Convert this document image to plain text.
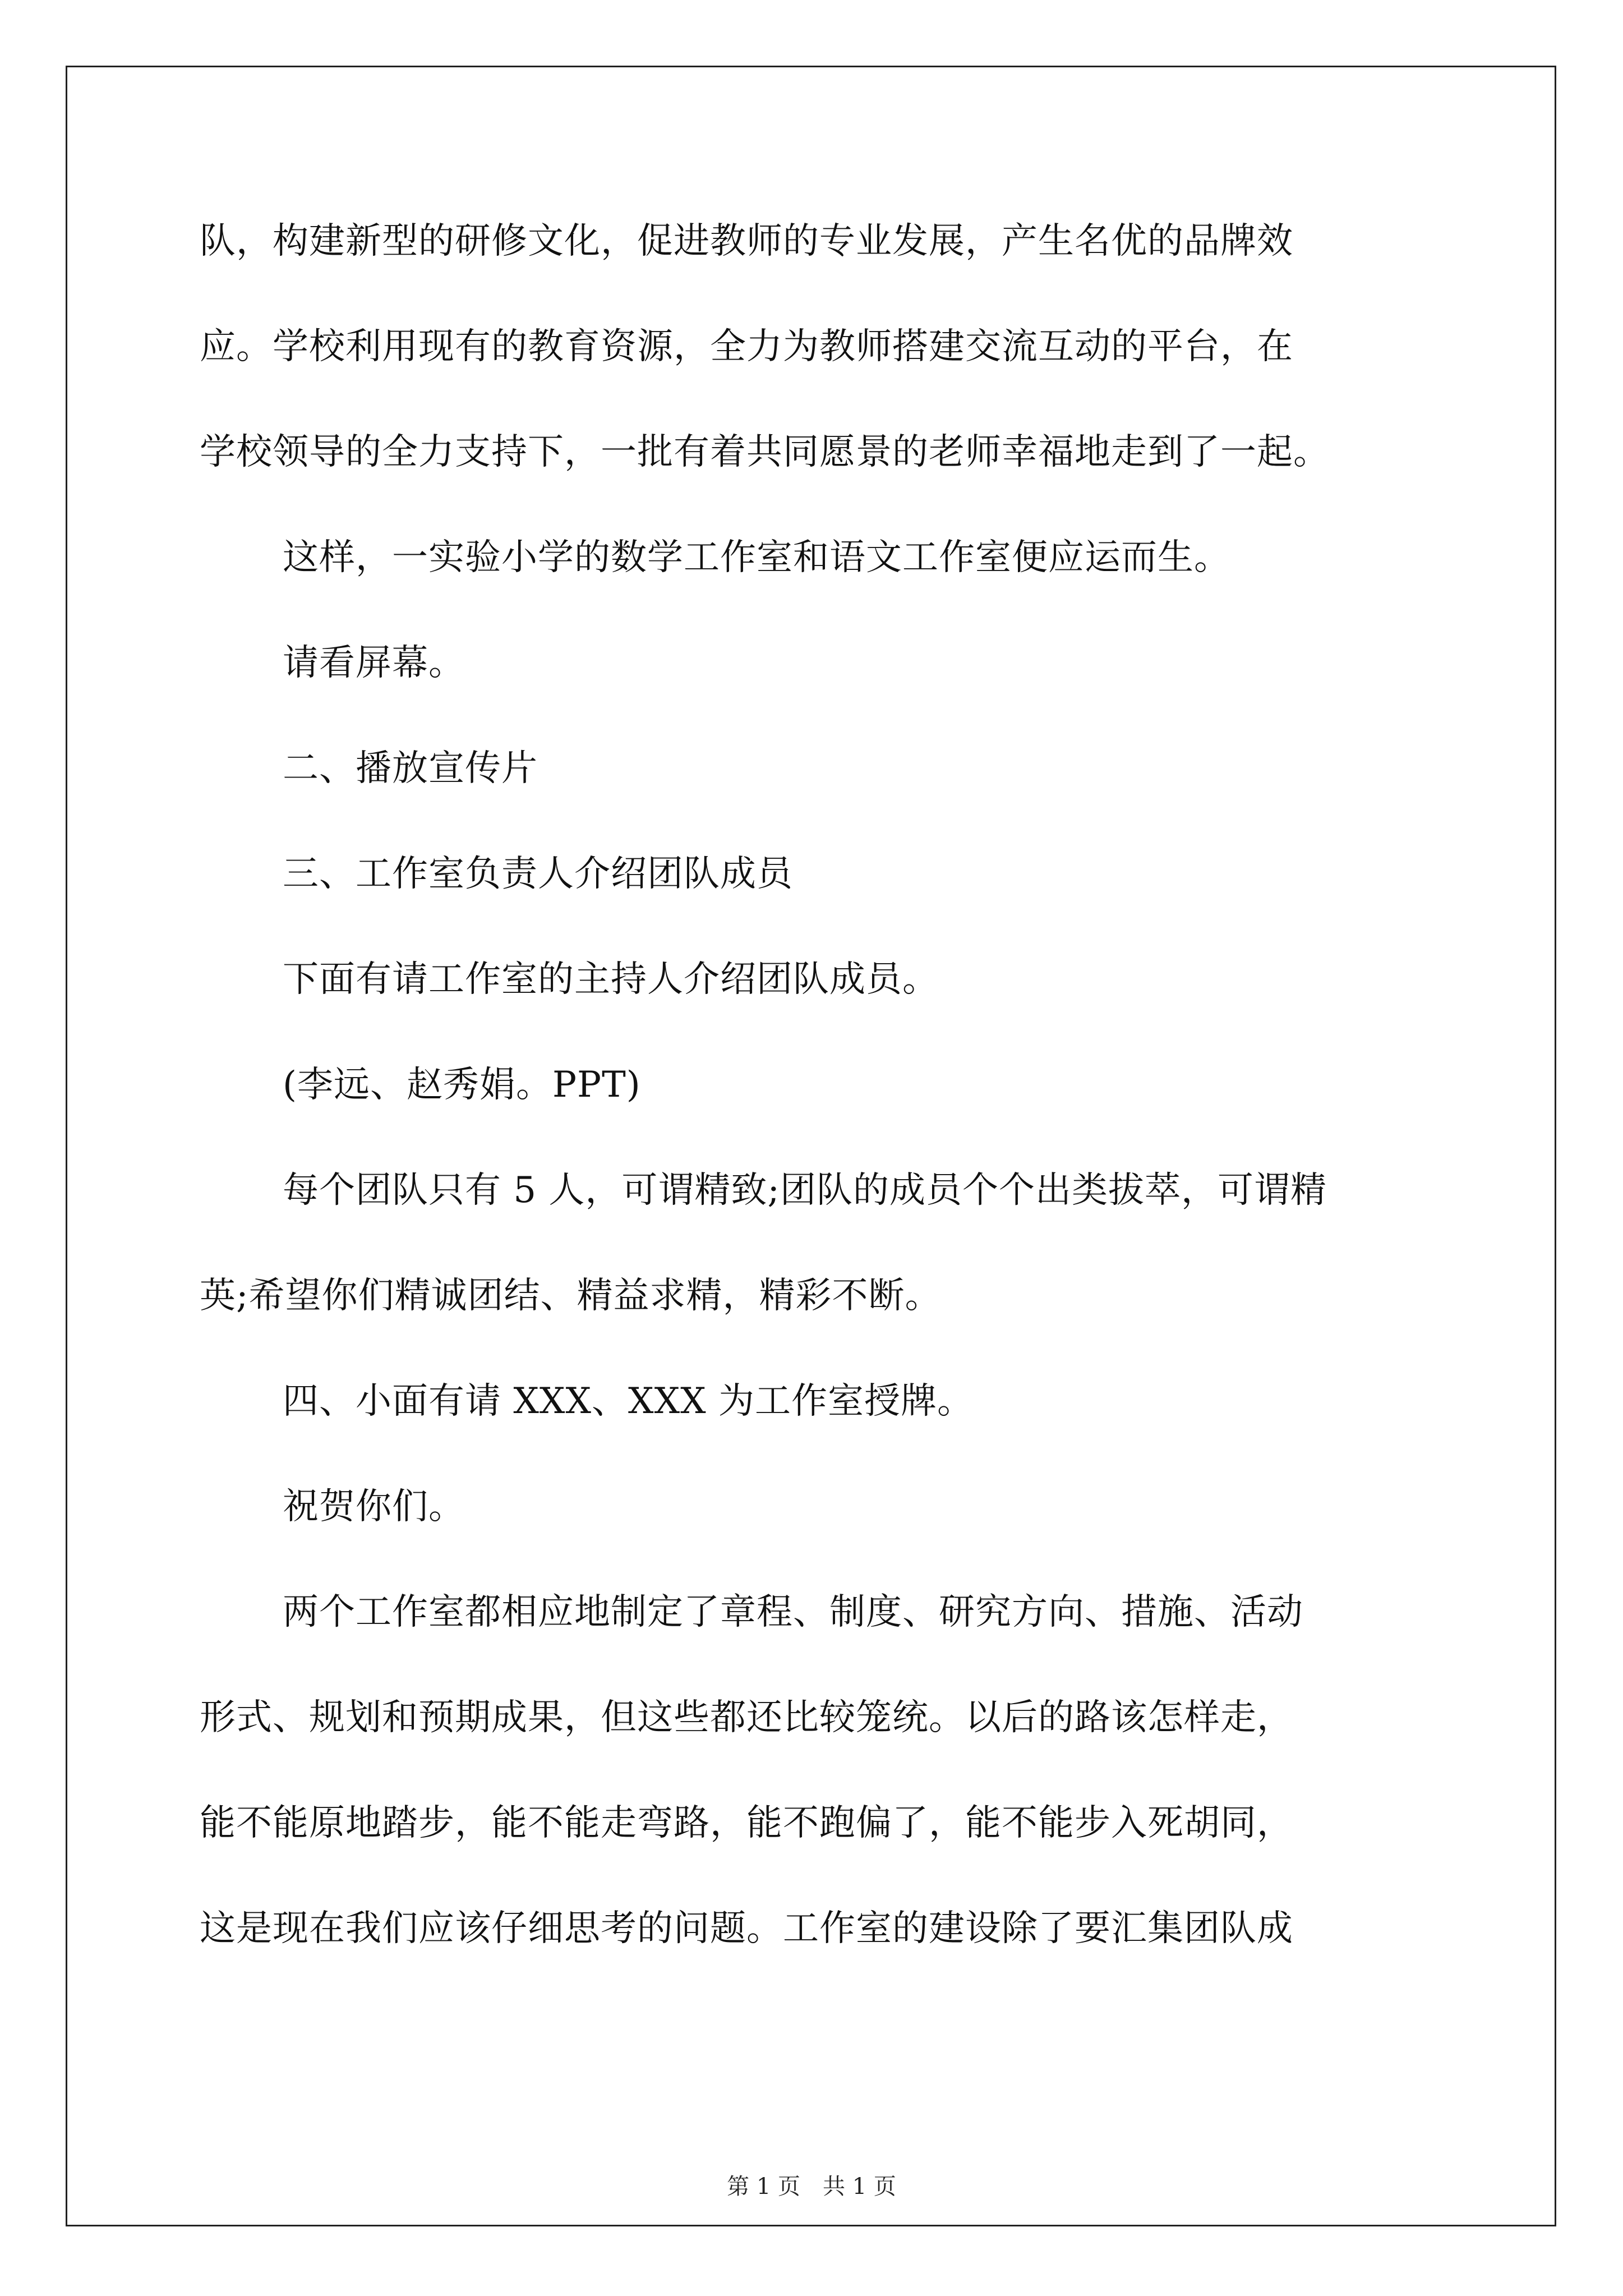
队，构建新型的研修文化，促进教师的专业发展，产生名优的品牌效
应。学校利用现有的教育资源，全力为教师搭建交流互动的平台，在
学校领导的全力支持下，一批有着共同愿景的老师幸福地走到了一起。
这样，一实验小学的数学工作室和语文工作室便应运而生。
请看屏幕。
二、播放宣传片
三、工作室负责人介绍团队成员
下面有请工作室的主持人介绍团队成员。
(李远、赵秀娟。PPT)
每个团队只有 5 人，可谓精致;团队的成员个个出类拔萃，可谓精
英;希望你们精诚团结、精益求精，精彩不断。
四、小面有请 XXX、XXX 为工作室授牌。
祝贺你们。
两个工作室都相应地制定了章程、制度、研究方向、措施、活动
形式、规划和预期成果，但这些都还比较笼统。以后的路该怎样走，
能不能原地踏步，能不能走弯路，能不跑偏了，能不能步入死胡同，
这是现在我们应该仔细思考的问题。工作室的建设除了要汇集团队成
第 1 页　共 1 页
